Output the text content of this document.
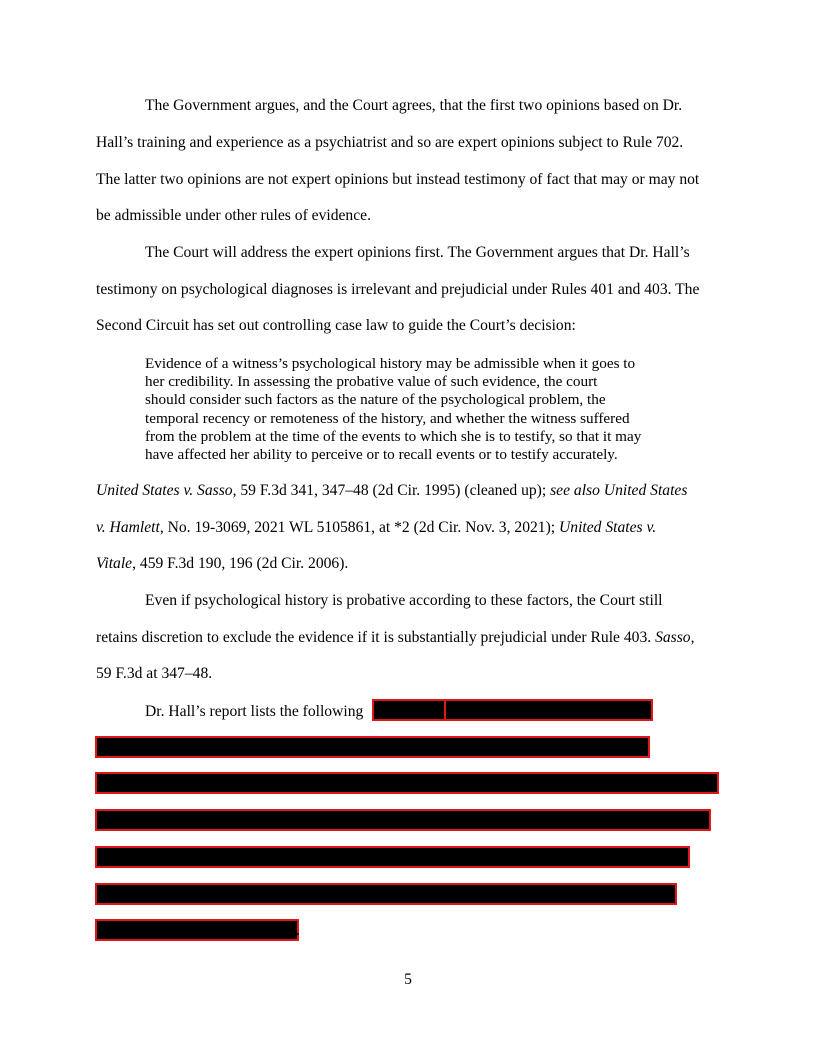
The Government argues, and the Court agrees, that the first two opinions based on Dr.

Hall’s training and experience as a psychiatrist and so are expert opinions subject to Rule 702.

The latter two opinions are not expert opinions but instead testimony of fact that may or may not

be admissible under other rules of evidence.

The Court will address the expert opinions first. The Government argues that Dr. Hall’s

testimony on psychological diagnoses is irrelevant and prejudicial under Rules 401 and 403. The

Second Circuit has set out controlling case law to guide the Court’s decision:

Evidence of a witness’s psychological history may be admissible when it goes to
her credibility. In assessing the probative value of such evidence, the court
should consider such factors as the nature of the psychological problem, the
temporal recency or remoteness of the history, and whether the witness suffered
from the problem at the time of the events to which she is to testify, so that it may
have affected her ability to perceive or to recall events or to testify accurately.

United States v. Sasso, 59 F.3d 341, 347–48 (2d Cir. 1995) (cleaned up); see also United States

v. Hamlett, No. 19-3069, 2021 WL 5105861, at *2 (2d Cir. Nov. 3, 2021); United States v.

Vitale, 459 F.3d 190, 196 (2d Cir. 2006).

Even if psychological history is probative according to these factors, the Court still

retains discretion to exclude the evidence if it is substantially prejudicial under Rule 403. Sasso,

59 F.3d at 347–48.

Dr. Hall’s report lists the following

.
5
